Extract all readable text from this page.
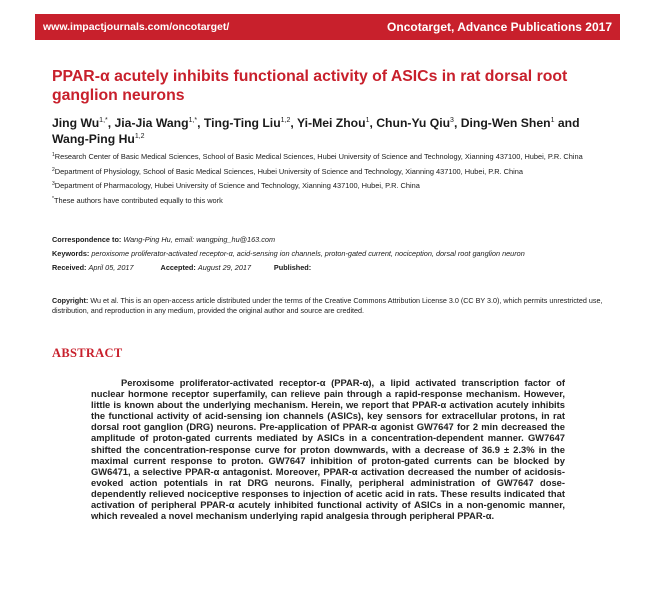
www.impactjournals.com/oncotarget/	Oncotarget, Advance Publications 2017
PPAR-α acutely inhibits functional activity of ASICs in rat dorsal root ganglion neurons
Jing $Wu^{1,*}$, Jia-Jia Wang$^{1,*}$, Ting-Ting Liu$^{1,2}$, Yi-Mei Zhou$^1$, Chun-Yu Qiu$^3$, Ding-Wen Shen$^1$ and Wang-Ping Hu$^{1,2}$
$^1$Research Center of Basic Medical Sciences, School of Basic Medical Sciences, Hubei University of Science and Technology, Xianning 437100, Hubei, P.R. China
$^2$Department of Physiology, School of Basic Medical Sciences, Hubei University of Science and Technology, Xianning 437100, Hubei, P.R. China
$^3$Department of Pharmacology, Hubei University of Science and Technology, Xianning 437100, Hubei, P.R. China
*These authors have contributed equally to this work
Correspondence to: Wang-Ping Hu, email: wangping_hu@163.com
Keywords: peroxisome proliferator-activated receptor-α, acid-sensing ion channels, proton-gated current, nociception, dorsal root ganglion neuron
Received: April 05, 2017	Accepted: August 29, 2017	Published:
Copyright: Wu et al. This is an open-access article distributed under the terms of the Creative Commons Attribution License 3.0 (CC BY 3.0), which permits unrestricted use, distribution, and reproduction in any medium, provided the original author and source are credited.
ABSTRACT
Peroxisome proliferator-activated receptor-α (PPAR-α), a lipid activated transcription factor of nuclear hormone receptor superfamily, can relieve pain through a rapid-response mechanism. However, little is known about the underlying mechanism. Herein, we report that PPAR-α activation acutely inhibits the functional activity of acid-sensing ion channels (ASICs), key sensors for extracellular protons, in rat dorsal root ganglion (DRG) neurons. Pre-application of PPAR-α agonist GW7647 for 2 min decreased the amplitude of proton-gated currents mediated by ASICs in a concentration-dependent manner. GW7647 shifted the concentration-response curve for proton downwards, with a decrease of 36.9 ± 2.3% in the maximal current response to proton. GW7647 inhibition of proton-gated currents can be blocked by GW6471, a selective PPAR-α antagonist. Moreover, PPAR-α activation decreased the number of acidosis-evoked action potentials in rat DRG neurons. Finally, peripheral administration of GW7647 dose-dependently relieved nociceptive responses to injection of acetic acid in rats. These results indicated that activation of peripheral PPAR-α acutely inhibited functional activity of ASICs in a non-genomic manner, which revealed a novel mechanism underlying rapid analgesia through peripheral PPAR-α.
